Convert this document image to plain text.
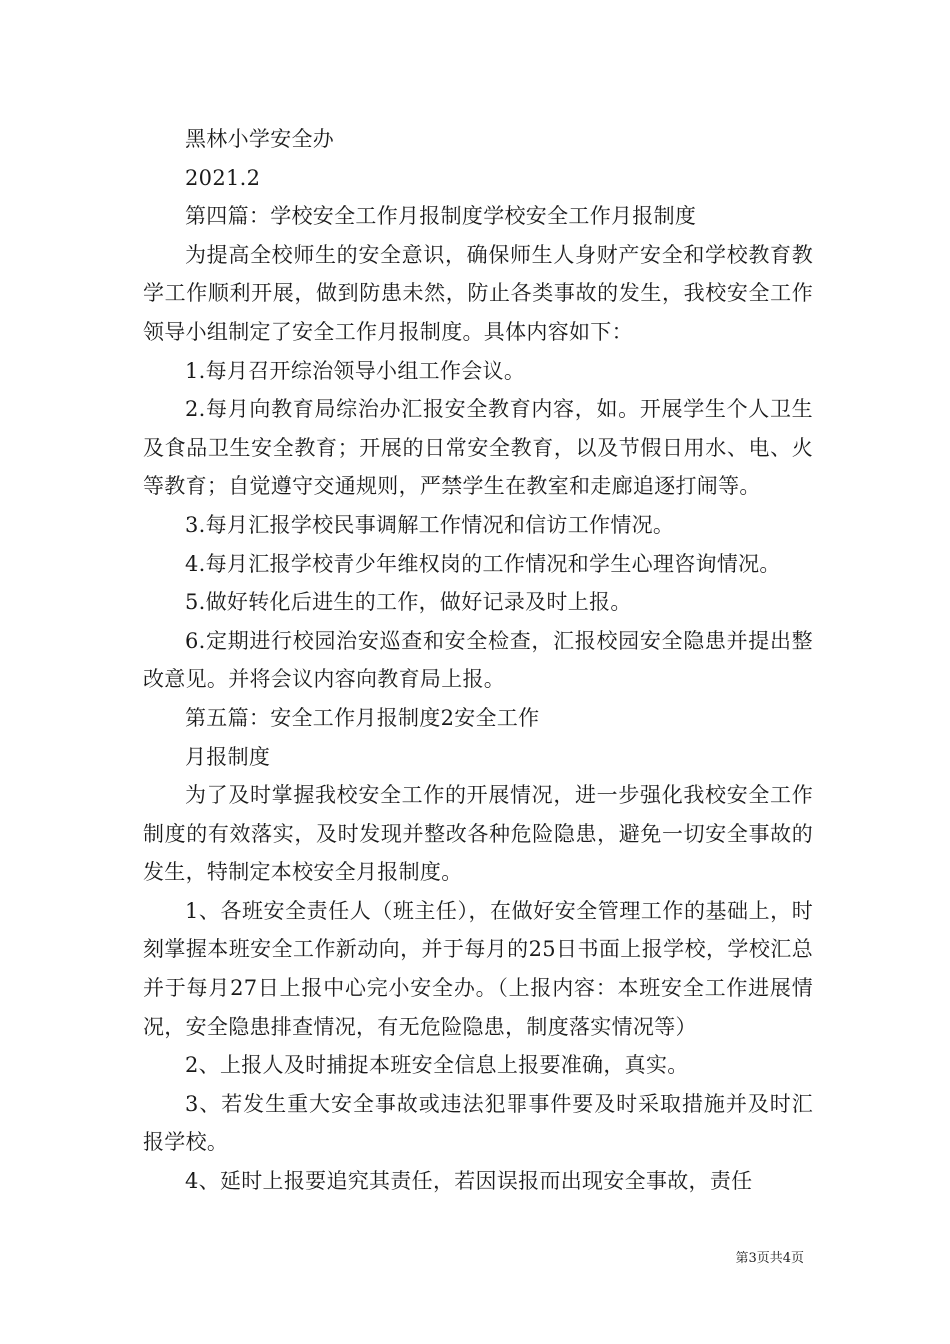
黑林小学安全办

2021.2

第四篇：学校安全工作月报制度学校安全工作月报制度

为提高全校师生的安全意识，确保师生人身财产安全和学校教育教学工作顺利开展，做到防患未然，防止各类事故的发生，我校安全工作领导小组制定了安全工作月报制度。具体内容如下：

1.每月召开综治领导小组工作会议。

2.每月向教育局综治办汇报安全教育内容，如。开展学生个人卫生及食品卫生安全教育；开展的日常安全教育，以及节假日用水、电、火等教育；自觉遵守交通规则，严禁学生在教室和走廊追逐打闹等。

3.每月汇报学校民事调解工作情况和信访工作情况。

4.每月汇报学校青少年维权岗的工作情况和学生心理咨询情况。

5.做好转化后进生的工作，做好记录及时上报。

6.定期进行校园治安巡查和安全检查，汇报校园安全隐患并提出整改意见。并将会议内容向教育局上报。

第五篇：安全工作月报制度2安全工作

月报制度

为了及时掌握我校安全工作的开展情况，进一步强化我校安全工作制度的有效落实，及时发现并整改各种危险隐患，避免一切安全事故的发生，特制定本校安全月报制度。

1、各班安全责任人（班主任），在做好安全管理工作的基础上，时刻掌握本班安全工作新动向，并于每月的25日书面上报学校，学校汇总并于每月27日上报中心完小安全办。（上报内容：本班安全工作进展情况，安全隐患排查情况，有无危险隐患，制度落实情况等）

2、上报人及时捕捉本班安全信息上报要准确，真实。

3、若发生重大安全事故或违法犯罪事件要及时采取措施并及时汇报学校。

4、延时上报要追究其责任，若因误报而出现安全事故，责任

第3页共4页
